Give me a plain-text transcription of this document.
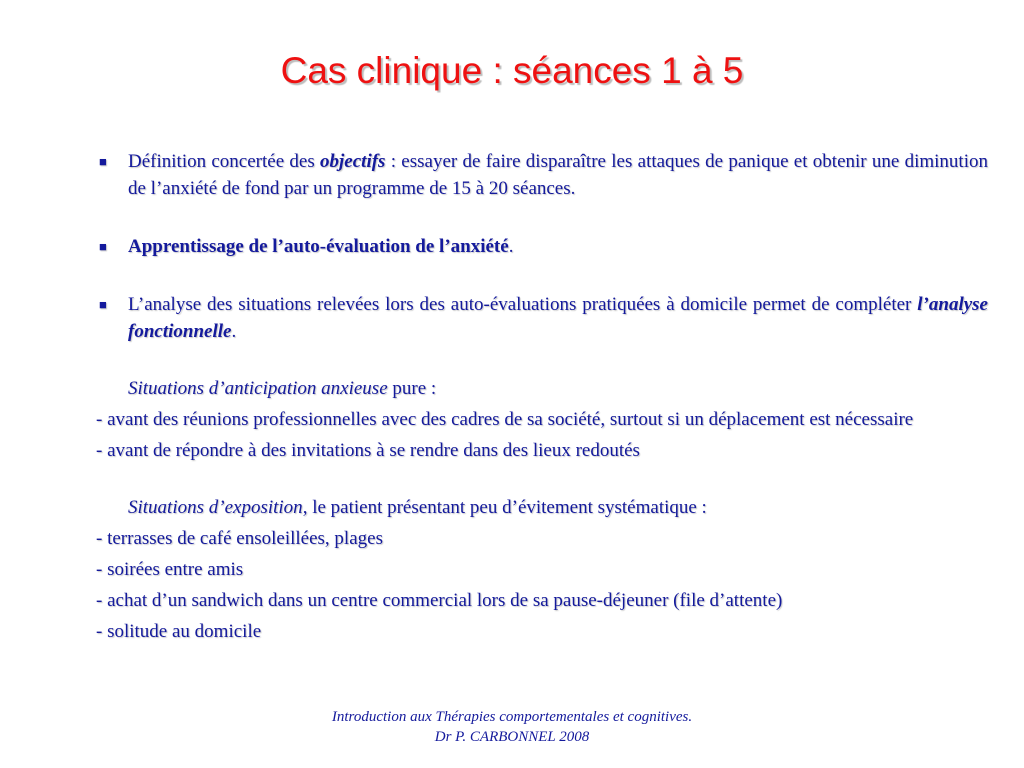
Cas clinique : séances 1 à 5

■ Définition concertée des objectifs : essayer de faire disparaître les attaques de panique et obtenir une diminution de l’anxiété de fond par un programme de 15 à 20 séances.

■ Apprentissage de l’auto-évaluation de l’anxiété.

■ L’analyse des situations relevées lors des auto-évaluations pratiquées à domicile permet de compléter l’analyse fonctionnelle.

Situations d’anticipation anxieuse pure :

- avant des réunions professionnelles avec des cadres de sa société, surtout si un déplacement est nécessaire

- avant de répondre à des invitations à se rendre dans des lieux redoutés

Situations d’exposition, le patient présentant peu d’évitement systématique :

- terrasses de café ensoleillées, plages

- soirées entre amis

- achat d’un sandwich dans un centre commercial lors de sa pause-déjeuner (file d’attente)

- solitude au domicile

Introduction aux Thérapies comportementales et cognitives.
Dr P. CARBONNEL 2008
